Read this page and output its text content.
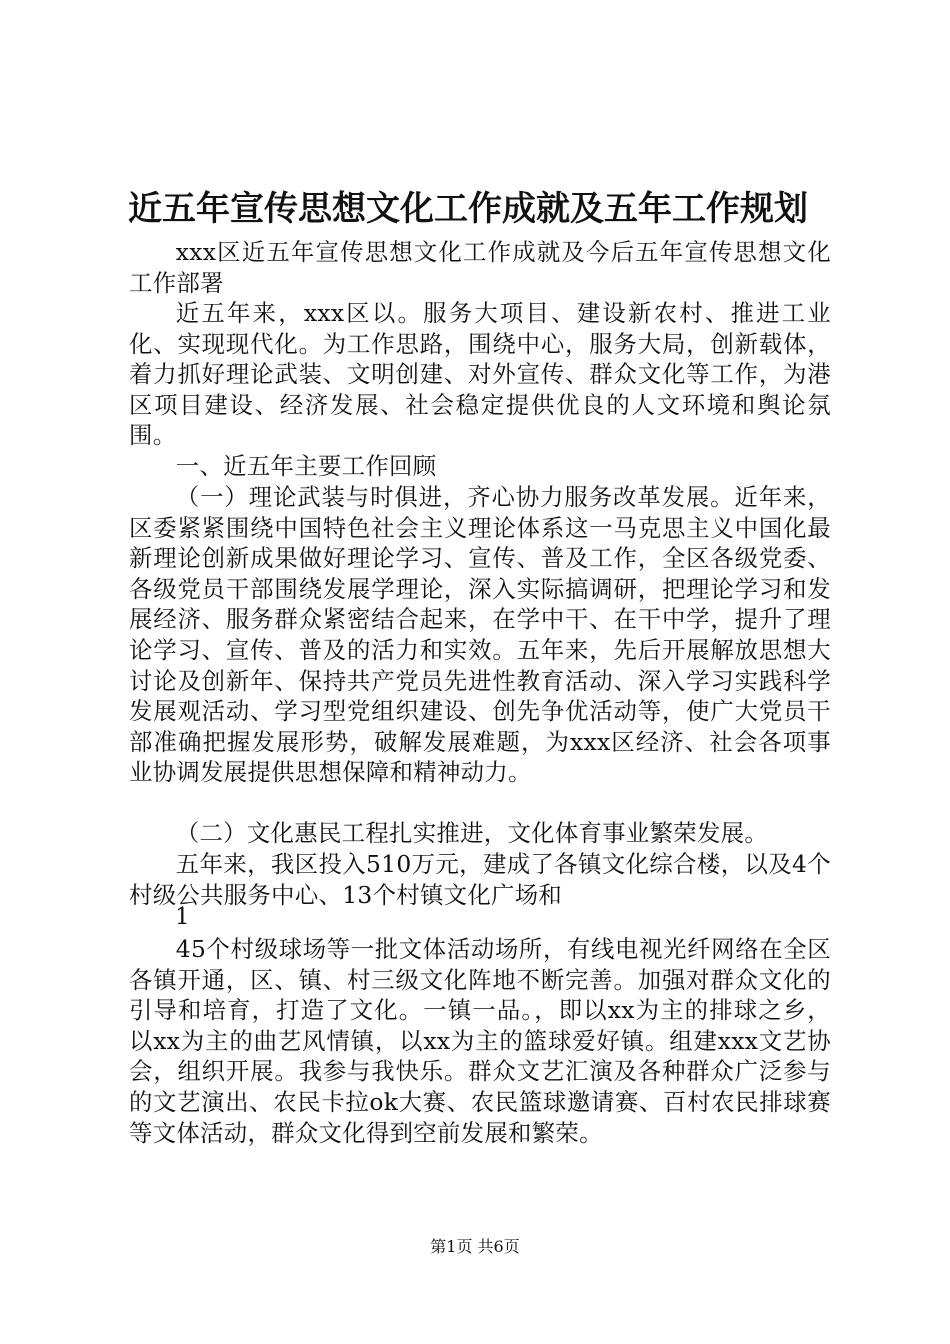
近五年宣传思想文化工作成就及五年工作规划

xxx区近五年宣传思想文化工作成就及今后五年宣传思想文化工作部署

近五年来，xxx区以。服务大项目、建设新农村、推进工业化、实现现代化。为工作思路，围绕中心，服务大局，创新载体，着力抓好理论武装、文明创建、对外宣传、群众文化等工作，为港区项目建设、经济发展、社会稳定提供优良的人文环境和舆论氛围。

一、近五年主要工作回顾

（一）理论武装与时俱进，齐心协力服务改革发展。近年来，区委紧紧围绕中国特色社会主义理论体系这一马克思主义中国化最新理论创新成果做好理论学习、宣传、普及工作，全区各级党委、各级党员干部围绕发展学理论，深入实际搞调研，把理论学习和发展经济、服务群众紧密结合起来，在学中干、在干中学，提升了理论学习、宣传、普及的活力和实效。五年来，先后开展解放思想大讨论及创新年、保持共产党员先进性教育活动、深入学习实践科学发展观活动、学习型党组织建设、创先争优活动等，使广大党员干部准确把握发展形势，破解发展难题，为xxx区经济、社会各项事业协调发展提供思想保障和精神动力。

（二）文化惠民工程扎实推进，文化体育事业繁荣发展。

五年来，我区投入510万元，建成了各镇文化综合楼，以及4个村级公共服务中心、13个村镇文化广场和

1

45个村级球场等一批文体活动场所，有线电视光纤网络在全区各镇开通，区、镇、村三级文化阵地不断完善。加强对群众文化的引导和培育，打造了文化。一镇一品。，即以xx为主的排球之乡，以xx为主的曲艺风情镇，以xx为主的篮球爱好镇。组建xxx文艺协会，组织开展。我参与我快乐。群众文艺汇演及各种群众广泛参与的文艺演出、农民卡拉ok大赛、农民篮球邀请赛、百村农民排球赛等文体活动，群众文化得到空前发展和繁荣。

第1页 共6页
